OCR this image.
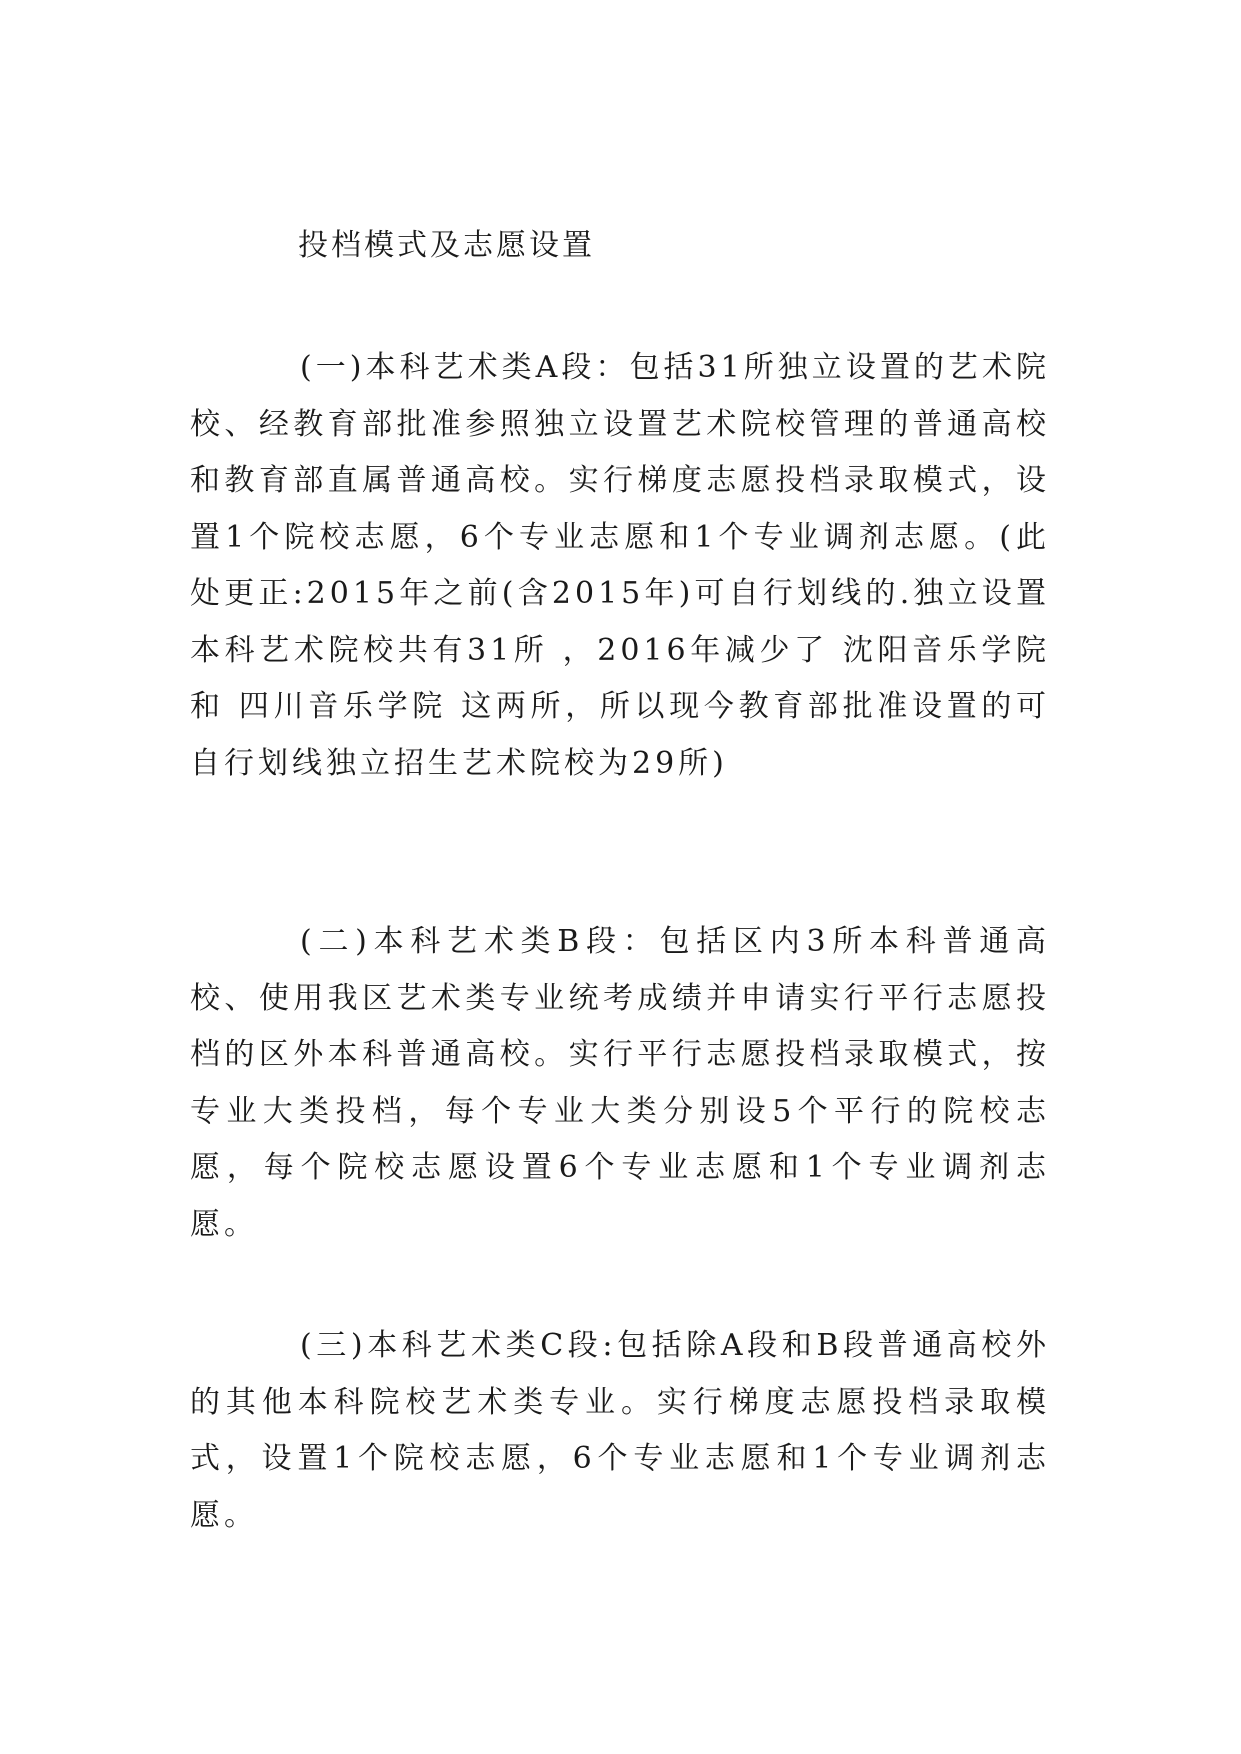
投档模式及志愿设置

(一)本科艺术类A段：包括31所独立设置的艺术院校、经教育部批准参照独立设置艺术院校管理的普通高校和教育部直属普通高校。实行梯度志愿投档录取模式，设置1个院校志愿，6个专业志愿和1个专业调剂志愿。(此处更正:2015年之前(含2015年)可自行划线的.独立设置本科艺术院校共有31所 ，2016年减少了 沈阳音乐学院 和 四川音乐学院 这两所，所以现今教育部批准设置的可自行划线独立招生艺术院校为29所)

(二)本科艺术类B段：包括区内3所本科普通高校、使用我区艺术类专业统考成绩并申请实行平行志愿投档的区外本科普通高校。实行平行志愿投档录取模式，按专业大类投档，每个专业大类分别设5个平行的院校志愿，每个院校志愿设置6个专业志愿和1个专业调剂志愿。

(三)本科艺术类C段:包括除A段和B段普通高校外的其他本科院校艺术类专业。实行梯度志愿投档录取模式，设置1个院校志愿，6个专业志愿和1个专业调剂志愿。
